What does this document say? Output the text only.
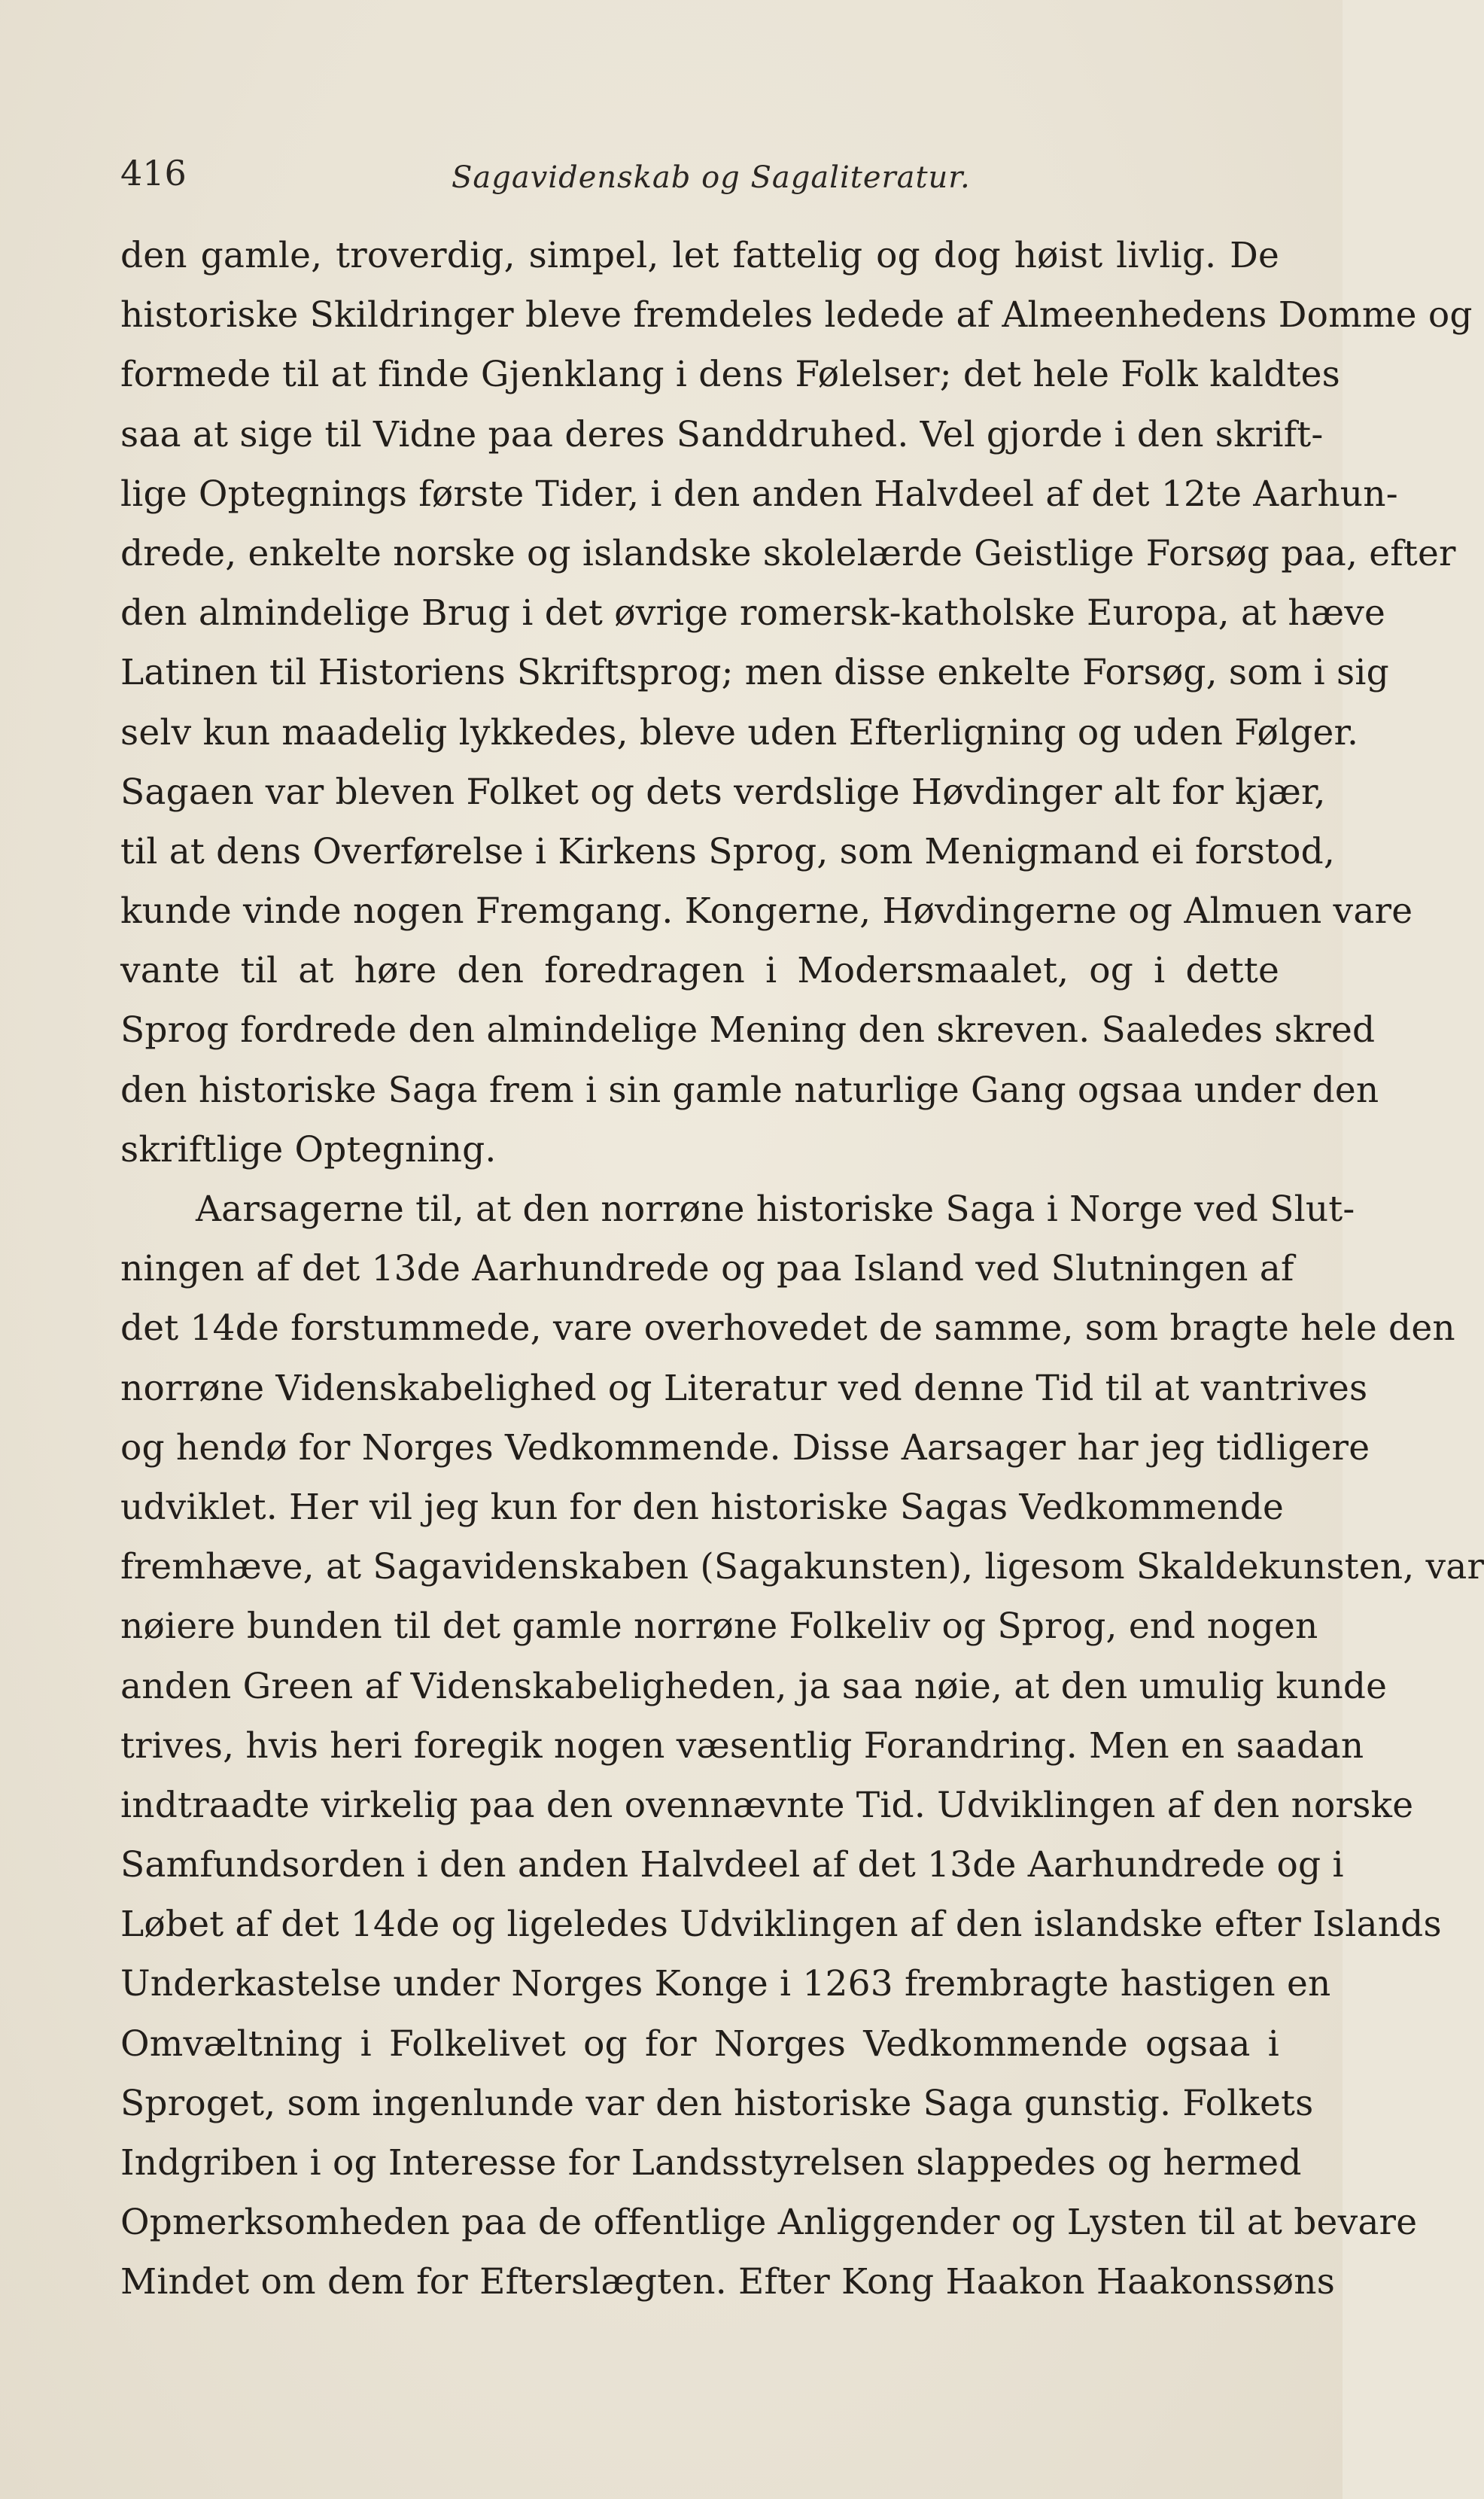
416	Sagavidenskab og Sagaliteratur.
den gamle, troverdig, simpel, let fattelig og dog høist livlig. De
historiske Skildringer bleve fremdeles ledede af Almeenhedens Domme og
formede til at finde Gjenklang i dens Følelser; det hele Folk kaldtes
saa at sige til Vidne paa deres Sanddruhed. Vel gjorde i den skrift-
lige Optegnings første Tider, i den anden Halvdeel af det 12te Aarhun-
drede, enkelte norske og islandske skolelærde Geistlige Forsøg paa, efter
den almindelige Brug i det øvrige romersk-katholske Europa, at hæve
Latinen til Historiens Skriftsprog; men disse enkelte Forsøg, som i sig
selv kun maadelig lykkedes, bleve uden Efterligning og uden Følger.
Sagaen var bleven Folket og dets verdslige Høvdinger alt for kjær,
til at dens Overførelse i Kirkens Sprog, som Menigmand ei forstod,
kunde vinde nogen Fremgang. Kongerne, Høvdingerne og Almuen vare
vante til at høre den foredragen i Modersmaalet, og i dette
Sprog fordrede den almindelige Mening den skreven. Saaledes skred
den historiske Saga frem i sin gamle naturlige Gang ogsaa under den
skriftlige Optegning.
Aarsagerne til, at den norrøne historiske Saga i Norge ved Slut-
ningen af det 13de Aarhundrede og paa Island ved Slutningen af
det 14de forstummede, vare overhovedet de samme, som bragte hele den
norrøne Videnskabelighed og Literatur ved denne Tid til at vantrives
og hendø for Norges Vedkommende. Disse Aarsager har jeg tidligere
udviklet. Her vil jeg kun for den historiske Sagas Vedkommende
fremhæve, at Sagavidenskaben (Sagakunsten), ligesom Skaldekunsten, var
nøiere bunden til det gamle norrøne Folkeliv og Sprog, end nogen
anden Green af Videnskabeligheden, ja saa nøie, at den umulig kunde
trives, hvis heri foregik nogen væsentlig Forandring. Men en saadan
indtraadte virkelig paa den ovennævnte Tid. Udviklingen af den norske
Samfundsorden i den anden Halvdeel af det 13de Aarhundrede og i
Løbet af det 14de og ligeledes Udviklingen af den islandske efter Islands
Underkastelse under Norges Konge i 1263 frembragte hastigen en
Omvæltning i Folkelivet og for Norges Vedkommende ogsaa i
Sproget, som ingenlunde var den historiske Saga gunstig. Folkets
Indgriben i og Interesse for Landsstyrelsen slappedes og hermed
Opmerksomheden paa de offentlige Anliggender og Lysten til at bevare
Mindet om dem for Efterslægten. Efter Kong Haakon Haakonssøns
